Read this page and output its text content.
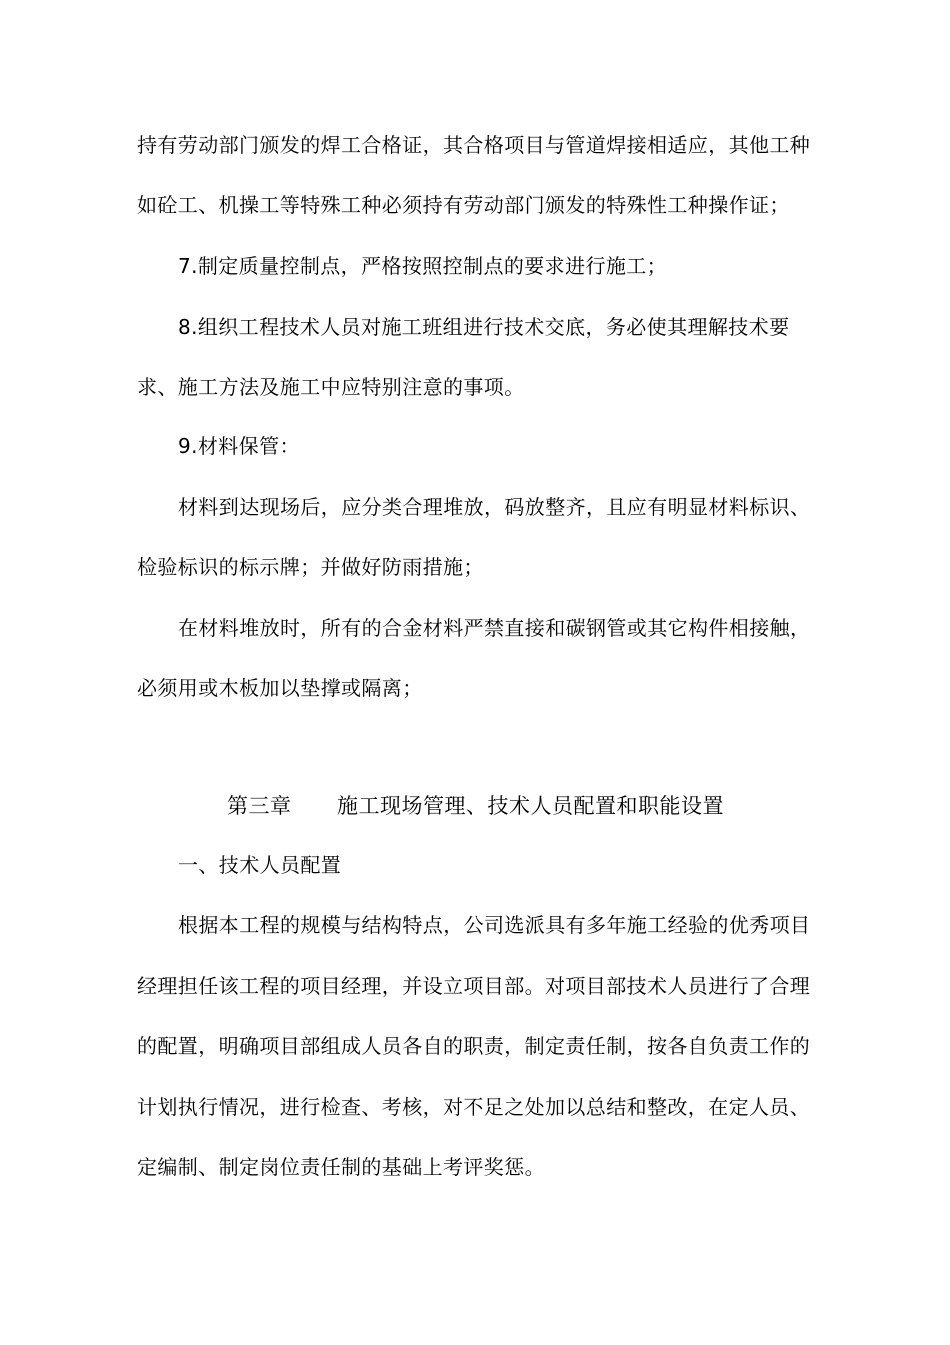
持有劳动部门颁发的焊工合格证，其合格项目与管道焊接相适应，其他工种
如砼工、机操工等特殊工种必须持有劳动部门颁发的特殊性工种操作证；
7.制定质量控制点，严格按照控制点的要求进行施工；
8.组织工程技术人员对施工班组进行技术交底，务必使其理解技术要
求、施工方法及施工中应特别注意的事项。
9.材料保管：
材料到达现场后，应分类合理堆放，码放整齐，且应有明显材料标识、
检验标识的标示牌；并做好防雨措施；
在材料堆放时，所有的合金材料严禁直接和碳钢管或其它构件相接触，
必须用或木板加以垫撑或隔离；
第三章 施工现场管理、技术人员配置和职能设置
一、技术人员配置
根据本工程的规模与结构特点，公司选派具有多年施工经验的优秀项目
经理担任该工程的项目经理，并设立项目部。对项目部技术人员进行了合理
的配置，明确项目部组成人员各自的职责，制定责任制，按各自负责工作的
计划执行情况，进行检查、考核，对不足之处加以总结和整改，在定人员、
定编制、制定岗位责任制的基础上考评奖惩。
